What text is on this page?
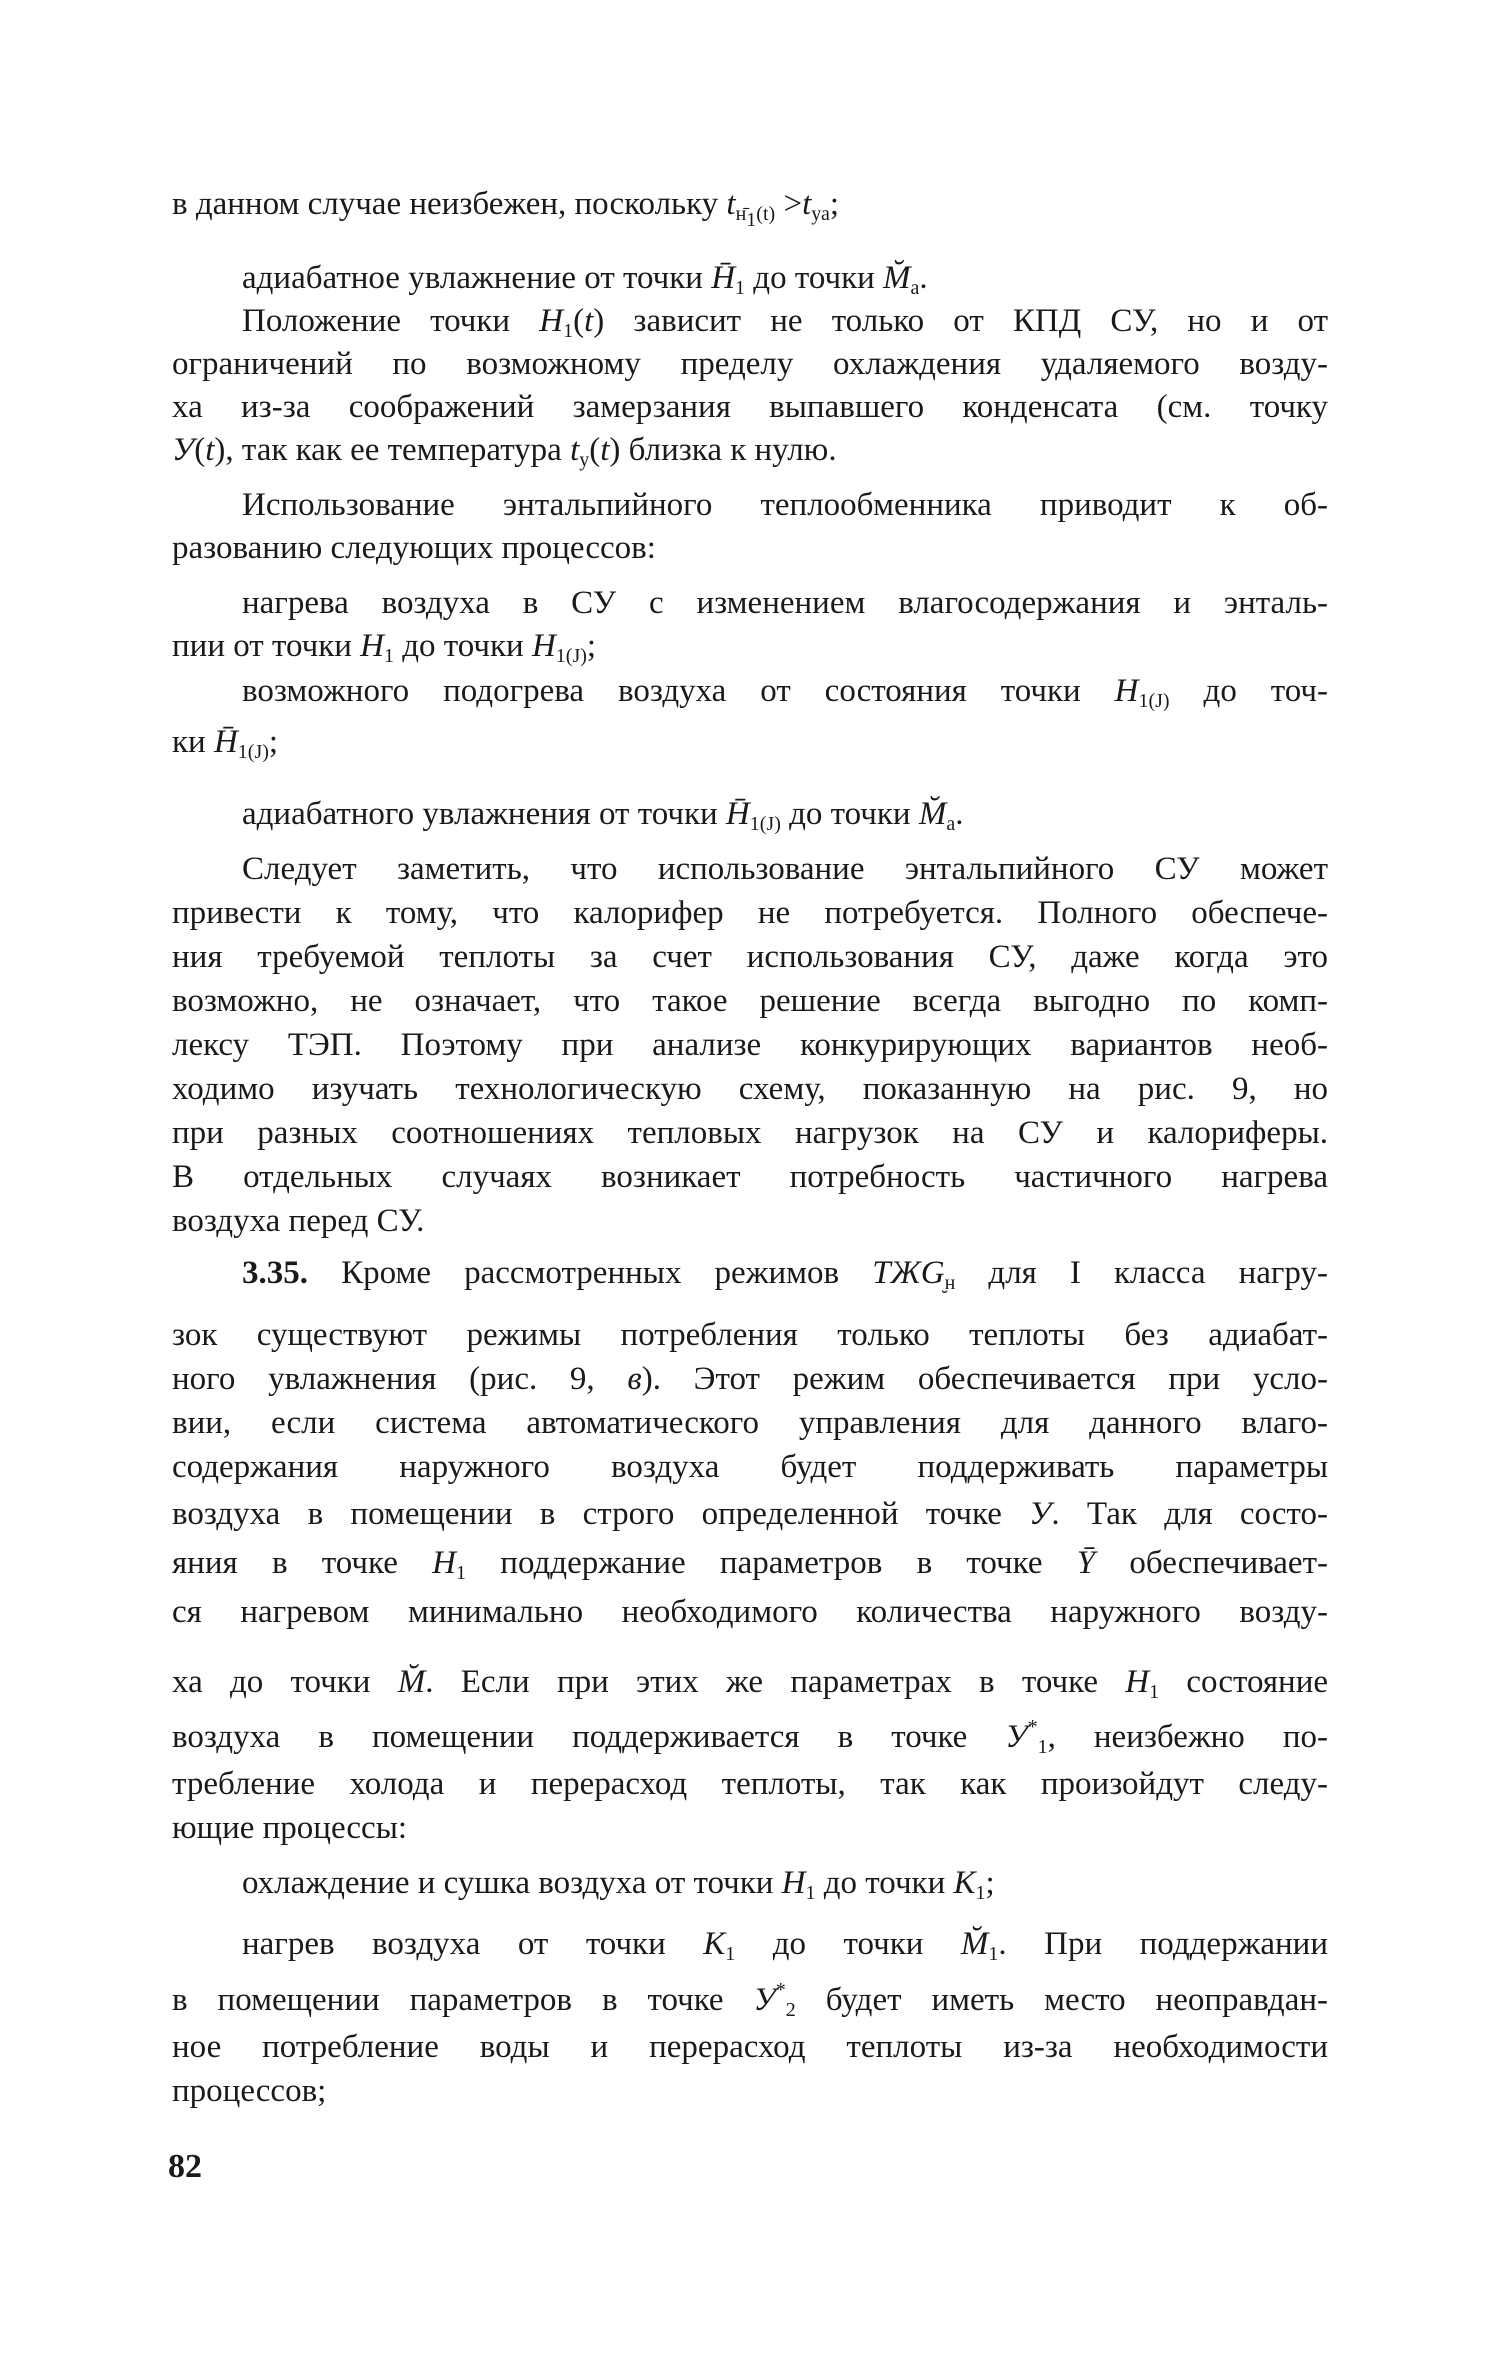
в данном случае неизбежен, поскольку $t_{н̄_1(t)} >t_{уа}$;
адиабатное увлажнение от точки $H̄_1$ до точки $M̆_а$.
Положение точки $H_1(t)$ зависит не только от КПД СУ, но и от
ограничений по возможному пределу охлаждения удаляемого возду-
ха из-за соображений замерзания выпавшего конденсата (см. точку
У(t), так как ее температура $t_у(t)$ близка к нулю.
Использование энтальпийного теплообменника приводит к об-
разованию следующих процессов:
нагрева воздуха в СУ с изменением влагосодержания и энталь-
пии от точки $H_1$ до точки $H_{1(J)}$;
возможного подогрева воздуха от состояния точки $H_{1(J)}$ до точ-
ки $H̄_{1(J)}$;
адиабатного увлажнения от точки $H̄_{1(J)}$ до точки $M̆_а$.
Следует заметить, что использование энтальпийного СУ может
привести к тому, что калорифер не потребуется. Полного обеспече-
ния требуемой теплоты за счет использования СУ, даже когда это
возможно, не означает, что такое решение всегда выгодно по комп-
лексу ТЭП. Поэтому при анализе конкурирующих вариантов необ-
ходимо изучать технологическую схему, показанную на рис. 9, но
при разных соотношениях тепловых нагрузок на СУ и калориферы.
В отдельных случаях возникает потребность частичного нагрева
воздуха перед СУ.
3.35. Кроме рассмотренных режимов $ТЖG_{̮н}$ для I класса нагру-
зок существуют режимы потребления только теплоты без адиабат-
ного увлажнения (рис. 9, в). Этот режим обеспечивается при усло-
вии, если система автоматического управления для данного влаго-
содержания наружного воздуха будет поддерживать параметры
воздуха в помещении в строго определенной точке У. Так для состо-
яния в точке $H_1$ поддержание параметров в точке Ȳ обеспечивает-
ся нагревом минимально необходимого количества наружного возду-
ха до точки M̆. Если при этих же параметрах в точке $H_1$ состояние
воздуха в помещении поддерживается в точке $У^*_1$, неизбежно по-
требление холода и перерасход теплоты, так как произойдут следу-
ющие процессы:
охлаждение и сушка воздуха от точки $H_1$ до точки $K_1$;
нагрев воздуха от точки $K_1$ до точки $M̆_1$. При поддержании
в помещении параметров в точке $У^*_2$ будет иметь место неоправдан-
ное потребление воды и перерасход теплоты из-за необходимости
процессов;
82
